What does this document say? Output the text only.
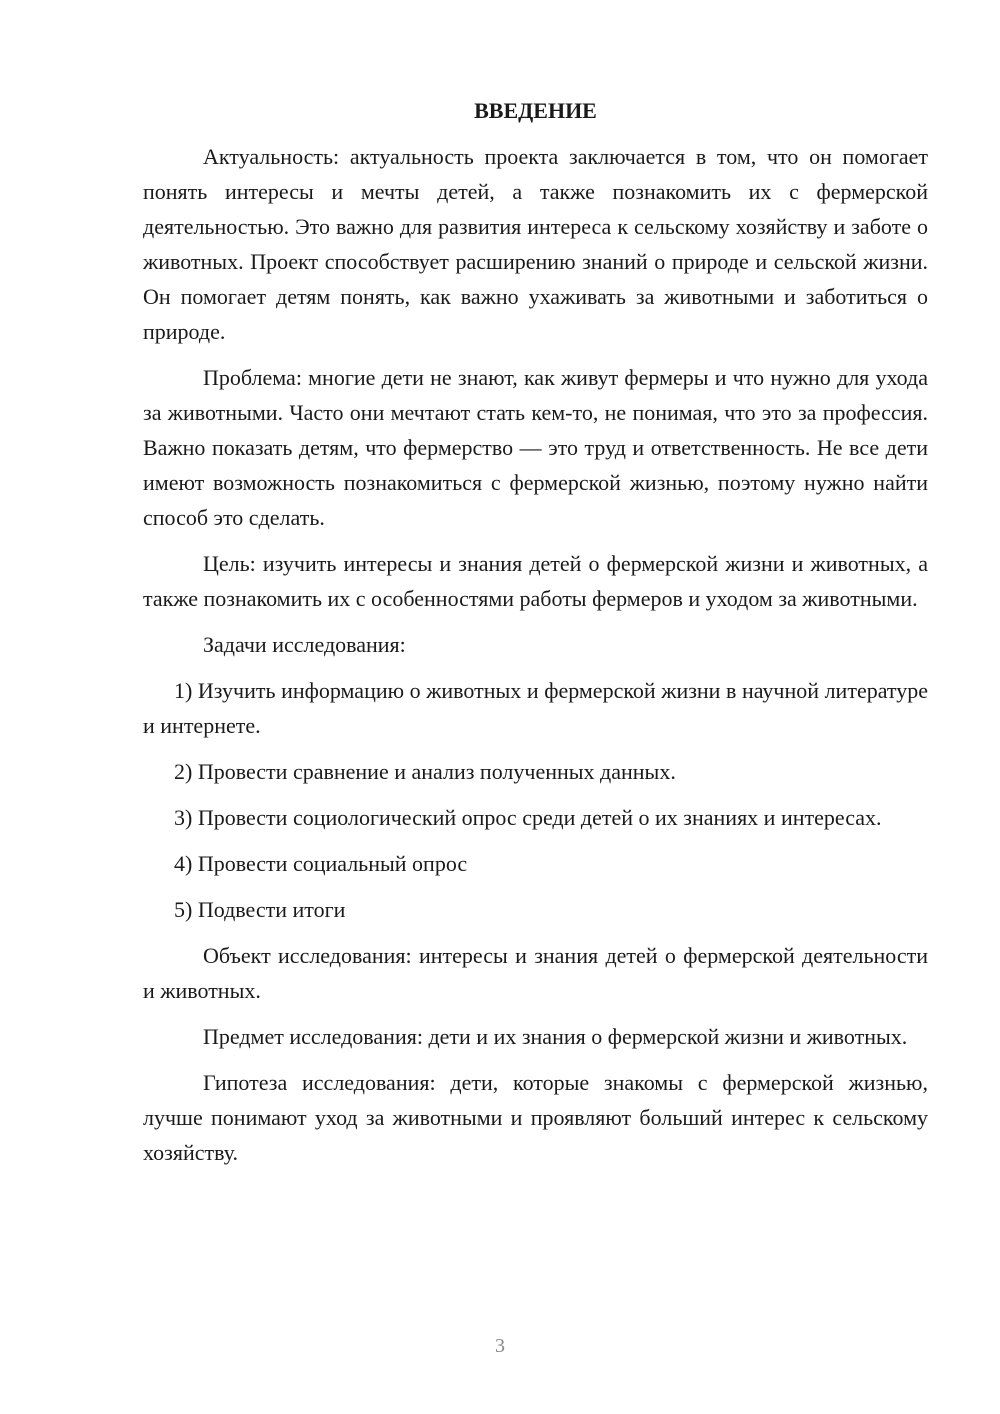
ВВЕДЕНИЕ

Актуальность: актуальность проекта заключается в том, что он помогает понять интересы и мечты детей, а также познакомить их с фермерской деятельностью. Это важно для развития интереса к сельскому хозяйству и заботе о животных. Проект способствует расширению знаний о природе и сельской жизни. Он помогает детям понять, как важно ухаживать за животными и заботиться о природе.

Проблема: многие дети не знают, как живут фермеры и что нужно для ухода за животными. Часто они мечтают стать кем-то, не понимая, что это за профессия. Важно показать детям, что фермерство — это труд и ответственность. Не все дети имеют возможность познакомиться с фермерской жизнью, поэтому нужно найти способ это сделать.

Цель: изучить интересы и знания детей о фермерской жизни и животных, а также познакомить их с особенностями работы фермеров и уходом за животными.

Задачи исследования:

1) Изучить информацию о животных и фермерской жизни в научной литературе и интернете.

2) Провести сравнение и анализ полученных данных.

3) Провести социологический опрос среди детей о их знаниях и интересах.

4) Провести социальный опрос

5) Подвести итоги

Объект исследования: интересы и знания детей о фермерской деятельности и животных.

Предмет исследования: дети и их знания о фермерской жизни и животных.

Гипотеза исследования: дети, которые знакомы с фермерской жизнью, лучше понимают уход за животными и проявляют больший интерес к сельскому хозяйству.

3
